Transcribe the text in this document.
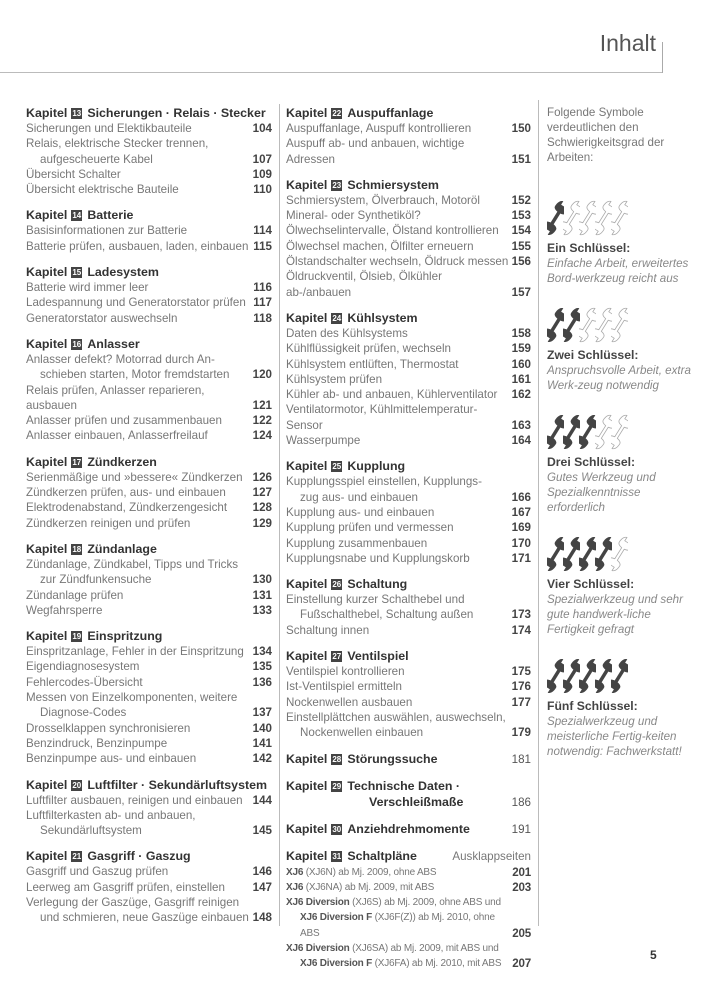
Inhalt
Kapitel 13 Sicherungen · Relais · Stecker
Sicherungen und Elektikbauteile	104
Relais, elektrische Stecker trennen,
aufgescheuerte Kabel	107
Übersicht Schalter	109
Übersicht elektrische Bauteile	110
Kapitel 14 Batterie
Basisinformationen zur Batterie	114
Batterie prüfen, ausbauen, laden, einbauen 115
Kapitel 15 Ladesystem
Batterie wird immer leer	116
Ladespannung und Generatorstator prüfen 117
Generatorstator auswechseln	118
Kapitel 16 Anlasser
Anlasser defekt? Motorrad durch An-
schieben starten, Motor fremdstarten	120
Relais prüfen, Anlasser reparieren, ausbauen	121
Anlasser prüfen und zusammenbauen	122
Anlasser einbauen, Anlasserfreilauf	124
Kapitel 17 Zündkerzen
Serienmäßige und »bessere« Zündkerzen 126
Zündkerzen prüfen, aus- und einbauen	127
Elektrodenabstand, Zündkerzengesicht	128
Zündkerzen reinigen und prüfen	129
Kapitel 18 Zündanlage
Zündanlage, Zündkabel, Tipps und Tricks
zur Zündfunkensuche	130
Zündanlage prüfen	131
Wegfahrsperre	133
Kapitel 19 Einspritzung
Einspritzanlage, Fehler in der Einspritzung 134
Eigendiagnosesystem	135
Fehlercodes-Übersicht	136
Messen von Einzelkomponenten, weitere
Diagnose-Codes	137
Drosselklappen synchronisieren	140
Benzindruck, Benzinpumpe	141
Benzinpumpe aus- und einbauen	142
Kapitel 20 Luftfilter · Sekundärluftsystem
Luftfilter ausbauen, reinigen und einbauen 144
Luftfilterkasten ab- und anbauen,
Sekundärluftsystem	145
Kapitel 21 Gasgriff · Gaszug
Gasgriff und Gaszug prüfen	146
Leerweg am Gasgriff prüfen, einstellen	147
Verlegung der Gaszüge, Gasgriff reinigen
und schmieren, neue Gaszüge einbauen 148
Kapitel 22 Auspuffanlage
Auspuffanlage, Auspuff kontrollieren	150
Auspuff ab- und anbauen, wichtige Adressen	151
Kapitel 23 Schmiersystem
Schmiersystem, Ölverbrauch, Motoröl	152
Mineral- oder Synthetiköl?	153
Ölwechselintervalle, Ölstand kontrollieren	154
Ölwechsel machen, Ölfilter erneuern	155
Ölstandschalter wechseln, Öldruck messen 156
Öldruckventil, Ölsieb, Ölkühler ab-/anbauen	157
Kapitel 24 Kühlsystem
Daten des Kühlsystems	158
Kühlflüssigkeit prüfen, wechseln	159
Kühlsystem entlüften, Thermostat	160
Kühlsystem prüfen	161
Kühler ab- und anbauen, Kühlerventilator	162
Ventilatormotor, Kühlmittelemperatur-Sensor	163
Wasserpumpe	164
Kapitel 25 Kupplung
Kupplungsspiel einstellen, Kupplungs-
zug aus- und einbauen	166
Kupplung aus- und einbauen	167
Kupplung prüfen und vermessen	169
Kupplung zusammenbauen	170
Kupplungsnabe und Kupplungskorb	171
Kapitel 26 Schaltung
Einstellung kurzer Schalthebel und
Fußschalthebel, Schaltung außen	173
Schaltung innen	174
Kapitel 27 Ventilspiel
Ventilspiel kontrollieren	175
Ist-Ventilspiel ermitteln	176
Nockenwellen ausbauen	177
Einstellplättchen auswählen, auswechseln,
Nockenwellen einbauen	179
Kapitel 28 Störungssuche	181
Kapitel 29 Technische Daten ·
Verschleißmaße	186
Kapitel 30 Anziehdrehmomente	191
Kapitel 31 Schaltpläne	Ausklappseiten
XJ6 (XJ6N) ab Mj. 2009, ohne ABS	201
XJ6 (XJ6NA) ab Mj. 2009, mit ABS	203
XJ6 Diversion (XJ6S) ab Mj. 2009, ohne ABS und
XJ6 Diversion F (XJ6F(Z)) ab Mj. 2010, ohne ABS	205
XJ6 Diversion (XJ6SA) ab Mj. 2009, mit ABS und
XJ6 Diversion F (XJ6FA) ab Mj. 2010, mit ABS 207
Folgende Symbole verdeutlichen den Schwierigkeitsgrad der Arbeiten:
Ein Schlüssel:
Einfache Arbeit, erweitertes Bord-werkzeug reicht aus
Zwei Schlüssel:
Anspruchsvolle Arbeit, extra Werk-zeug notwendig
Drei Schlüssel:
Gutes Werkzeug und Spezialkenntnisse erforderlich
Vier Schlüssel:
Spezialwerkzeug und sehr gute handwerk-liche Fertigkeit gefragt
Fünf Schlüssel:
Spezialwerkzeug und meisterliche Fertig-keiten notwendig: Fachwerkstatt!
5
